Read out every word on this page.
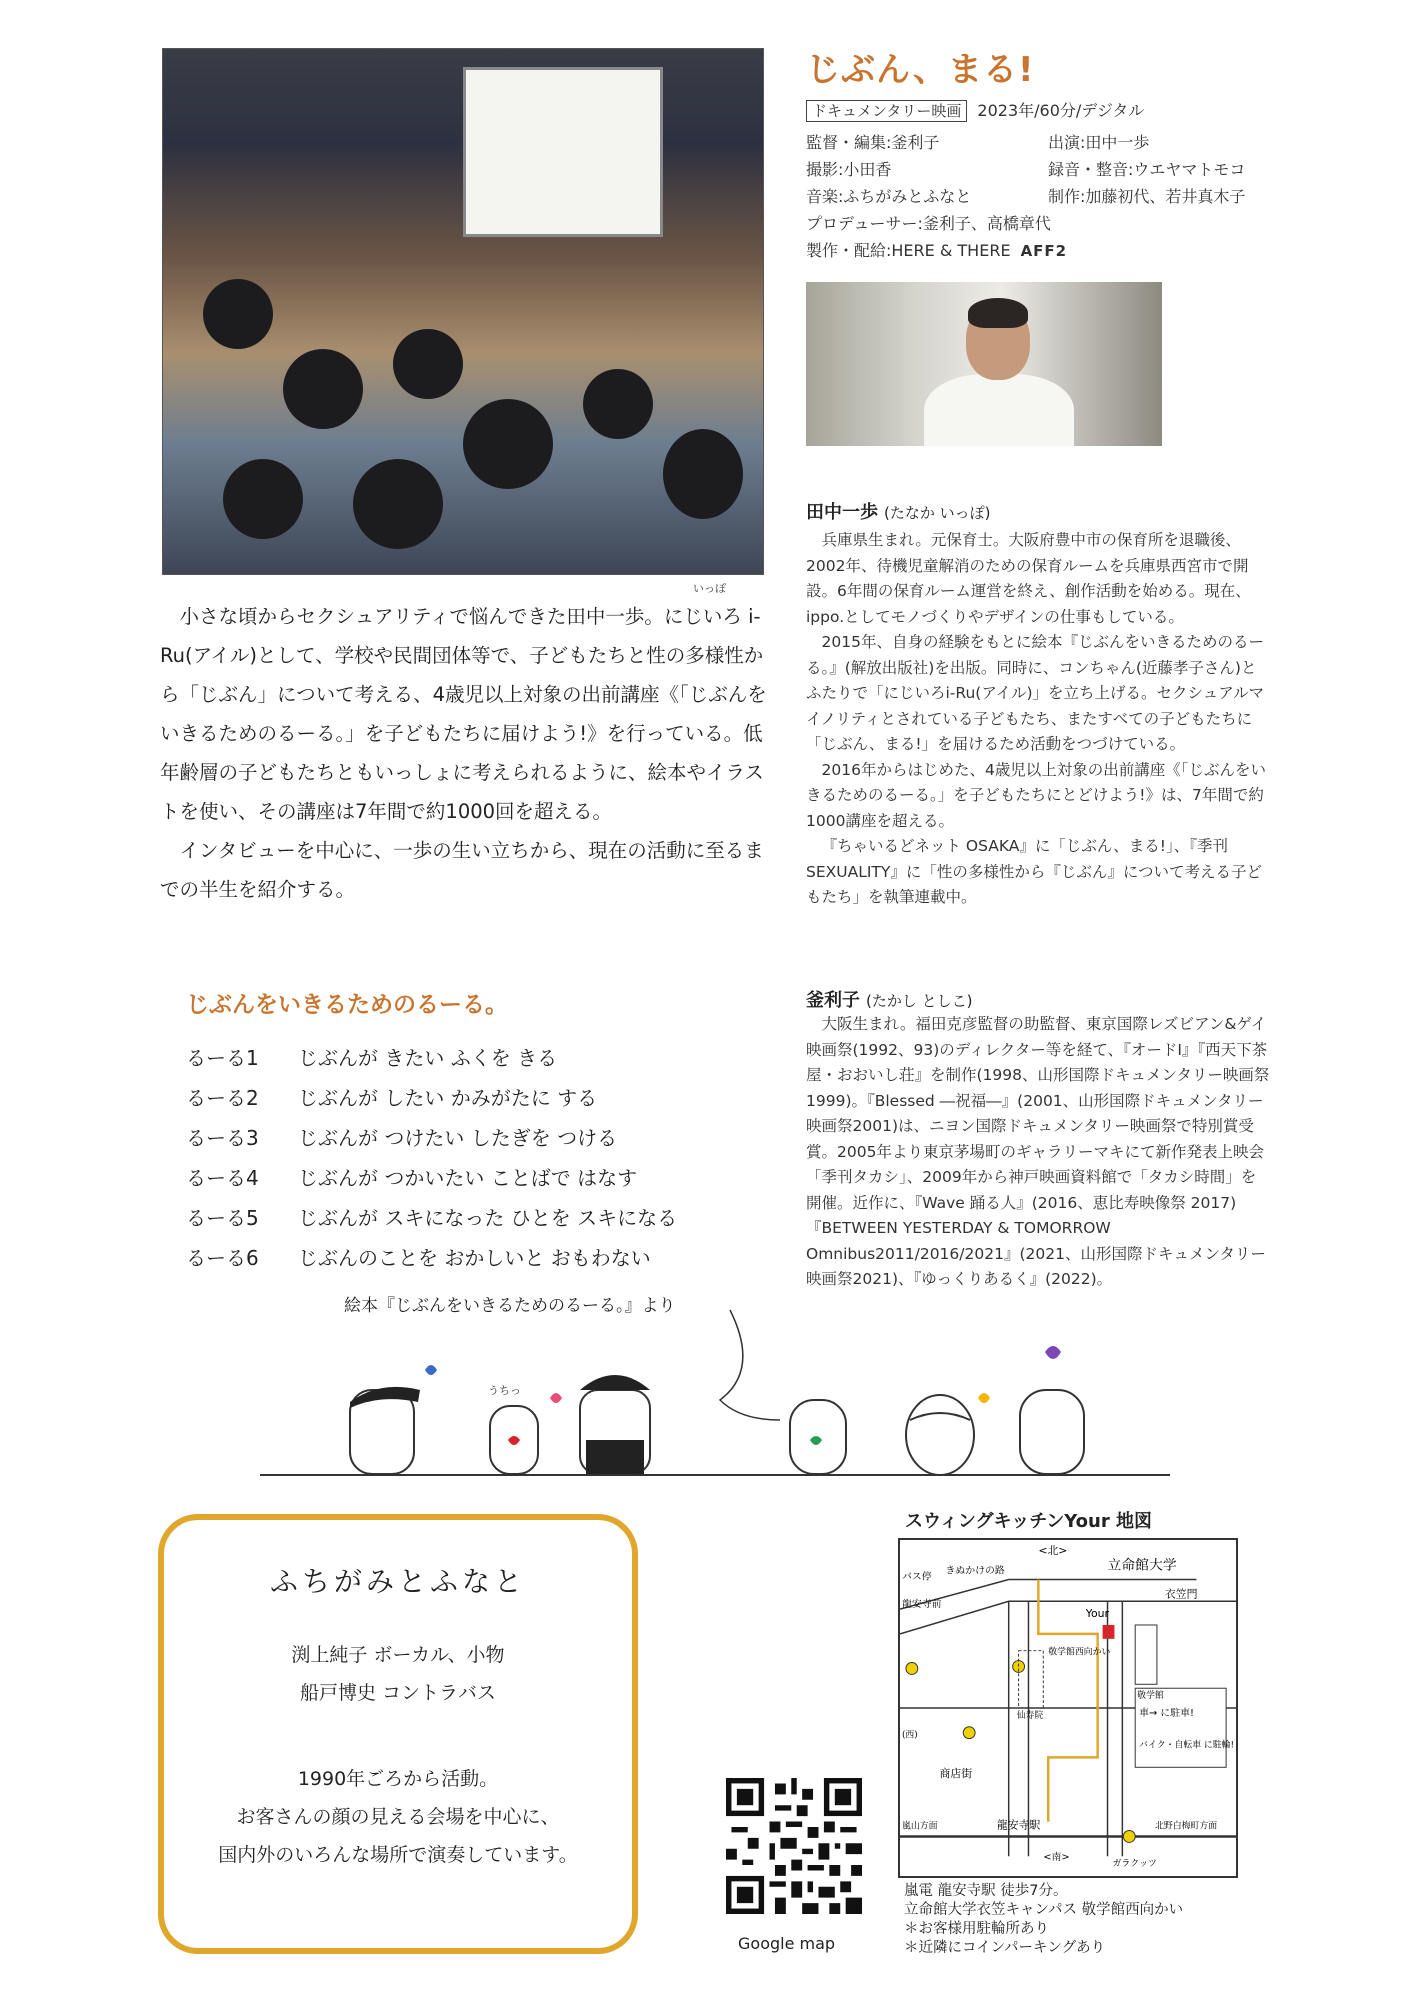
じぶん、まる!
ドキュメンタリー映画 2023年/60分/デジタル
監督・編集:釜利子
撮影:小田香
音楽:ふちがみとふなと
出演:田中一歩
録音・整音:ウエヤマトモコ
制作:加藤初代、若井真木子
プロデューサー:釜利子、高橋章代
製作・配給:HERE & THERE AFF2
いっぽ

小さな頃からセクシュアリティで悩んできた田中一歩。にじいろ i-Ru(アイル)として、学校や民間団体等で、子どもたちと性の多様性から「じぶん」について考える、4歳児以上対象の出前講座《「じぶんをいきるためのるーる。」を子どもたちに届けよう!》を行っている。低年齢層の子どもたちともいっしょに考えられるように、絵本やイラストを使い、その講座は7年間で約1000回を超える。

インタビューを中心に、一歩の生い立ちから、現在の活動に至るまでの半生を紹介する。

じぶんをいきるためのるーる。
るーる1 じぶんが きたい ふくを きる
るーる2 じぶんが したい かみがたに する
るーる3 じぶんが つけたい したぎを つける
るーる4 じぶんが つかいたい ことばで はなす
るーる5 じぶんが スキになった ひとを スキになる
るーる6 じぶんのことを おかしいと おもわない
絵本『じぶんをいきるためのるーる。』より
田中一歩 (たなか いっぽ)

兵庫県生まれ。元保育士。大阪府豊中市の保育所を退職後、2002年、待機児童解消のための保育ルームを兵庫県西宮市で開設。6年間の保育ルーム運営を終え、創作活動を始める。現在、ippo.としてモノづくりやデザインの仕事もしている。

2015年、自身の経験をもとに絵本『じぶんをいきるためのるーる。』(解放出版社)を出版。同時に、コンちゃん(近藤孝子さん)とふたりで「にじいろi-Ru(アイル)」を立ち上げる。セクシュアルマイノリティとされている子どもたち、またすべての子どもたちに「じぶん、まる!」を届けるため活動をつづけている。

2016年からはじめた、4歳児以上対象の出前講座《「じぶんをいきるためのるーる。」を子どもたちにとどけよう!》は、7年間で約1000講座を超える。

『ちゃいるどネット OSAKA』に「じぶん、まる!」、『季刊 SEXUALITY』に「性の多様性から『じぶん』について考える子どもたち」を執筆連載中。

釜利子 (たかし としこ)

大阪生まれ。福田克彦監督の助監督、東京国際レズビアン&ゲイ映画祭(1992、93)のディレクター等を経て、『オードI』『西天下茶屋・おおいし荘』を制作(1998、山形国際ドキュメンタリー映画祭1999)。『Blessed ―祝福―』(2001、山形国際ドキュメンタリー映画祭2001)は、ニヨン国際ドキュメンタリー映画祭で特別賞受賞。2005年より東京茅場町のギャラリーマキにて新作発表上映会「季刊タカシ」、2009年から神戸映画資料館で「タカシ時間」を開催。近作に、『Wave 踊る人』(2016、恵比寿映像祭 2017)『BETWEEN YESTERDAY & TOMORROW Omnibus2011/2016/2021』(2021、山形国際ドキュメンタリー映画祭2021)、『ゆっくりあるく』(2022)。

うちっ
ふちがみとふなと
渕上純子 ボーカル、小物
船戸博史 コントラバス
1990年ごろから活動。
お客さんの顔の見える会場を中心に、
国内外のいろんな場所で演奏しています。
スウィングキッチンYour 地図
<北>
立命館大学
衣笠門
バス停
龍安寺前
きぬかけの路
Your
敬学館西向かい
敬学館
仙寿院
商店街
龍安寺駅
(西)
嵐山方面	北野白梅町方面
<南>
ガラクッツ
車→ に駐車!
バイク・自転車 に駐輪!
嵐電 龍安寺駅 徒歩7分。
立命館大学衣笠キャンパス 敬学館西向かい
＊お客様用駐輪所あり
＊近隣にコインパーキングあり
Google map
